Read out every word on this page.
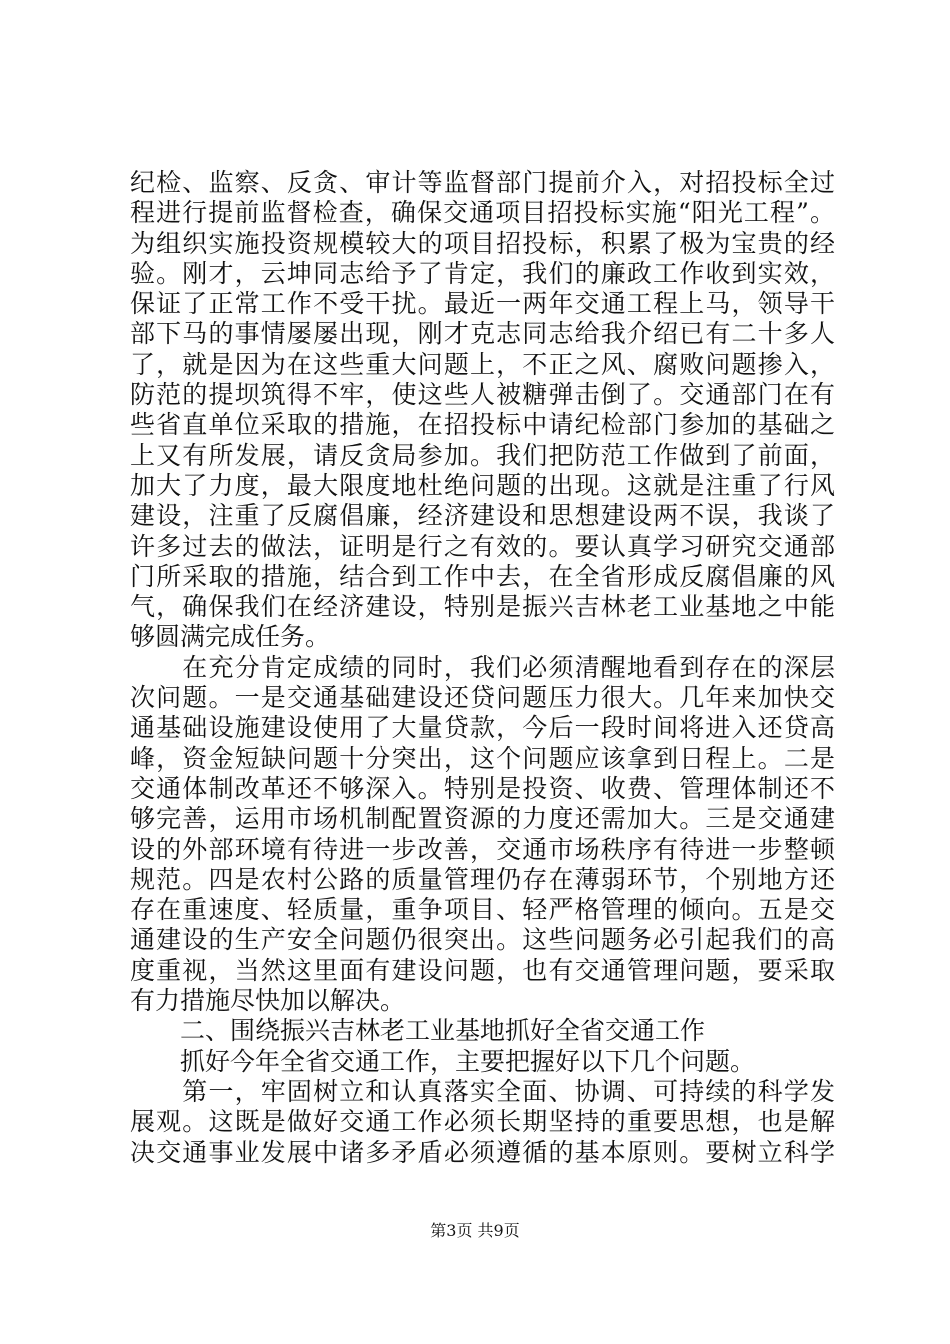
纪检、监察、反贪、审计等监督部门提前介入，对招投标全过
程进行提前监督检查，确保交通项目招投标实施“阳光工程”。
为组织实施投资规模较大的项目招投标，积累了极为宝贵的经
验。刚才，云坤同志给予了肯定，我们的廉政工作收到实效，
保证了正常工作不受干扰。最近一两年交通工程上马，领导干
部下马的事情屡屡出现，刚才克志同志给我介绍已有二十多人
了，就是因为在这些重大问题上，不正之风、腐败问题掺入，
防范的提坝筑得不牢，使这些人被糖弹击倒了。交通部门在有
些省直单位采取的措施，在招投标中请纪检部门参加的基础之
上又有所发展，请反贪局参加。我们把防范工作做到了前面，
加大了力度，最大限度地杜绝问题的出现。这就是注重了行风
建设，注重了反腐倡廉，经济建设和思想建设两不误，我谈了
许多过去的做法，证明是行之有效的。要认真学习研究交通部
门所采取的措施，结合到工作中去，在全省形成反腐倡廉的风
气，确保我们在经济建设，特别是振兴吉林老工业基地之中能
够圆满完成任务。
　　在充分肯定成绩的同时，我们必须清醒地看到存在的深层
次问题。一是交通基础建设还贷问题压力很大。几年来加快交
通基础设施建设使用了大量贷款，今后一段时间将进入还贷高
峰，资金短缺问题十分突出，这个问题应该拿到日程上。二是
交通体制改革还不够深入。特别是投资、收费、管理体制还不
够完善，运用市场机制配置资源的力度还需加大。三是交通建
设的外部环境有待进一步改善，交通市场秩序有待进一步整顿
规范。四是农村公路的质量管理仍存在薄弱环节，个别地方还
存在重速度、轻质量，重争项目、轻严格管理的倾向。五是交
通建设的生产安全问题仍很突出。这些问题务必引起我们的高
度重视，当然这里面有建设问题，也有交通管理问题，要采取
有力措施尽快加以解决。
　　二、围绕振兴吉林老工业基地抓好全省交通工作
　　抓好今年全省交通工作，主要把握好以下几个问题。
　　第一，牢固树立和认真落实全面、协调、可持续的科学发
展观。这既是做好交通工作必须长期坚持的重要思想，也是解
决交通事业发展中诸多矛盾必须遵循的基本原则。要树立科学
第3页 共9页
